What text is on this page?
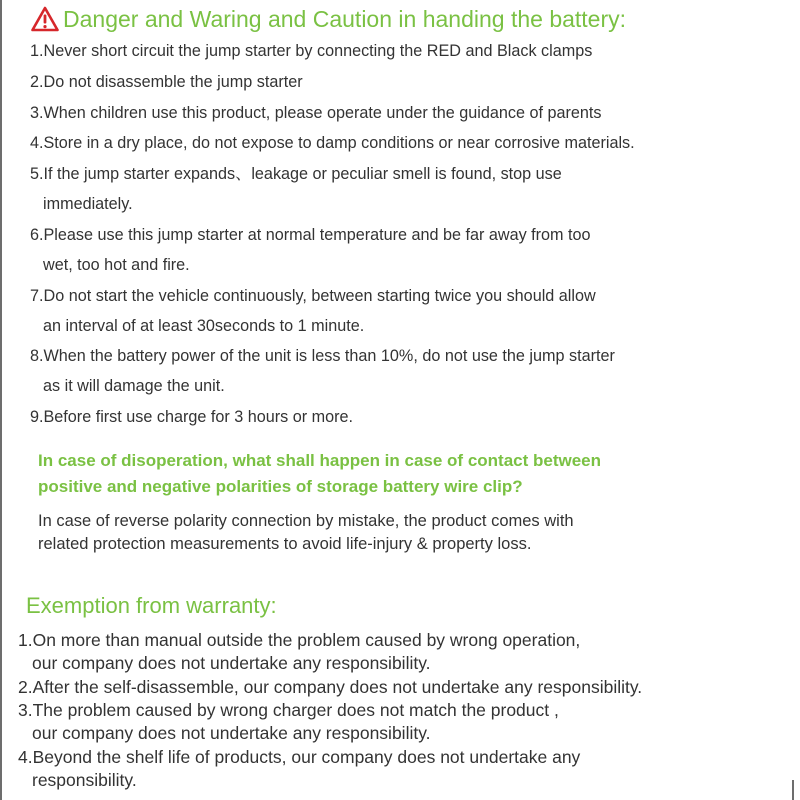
Danger and Waring and Caution in handing the battery:
1.Never short circuit the jump starter by connecting the RED and Black clamps
2.Do not disassemble the jump starter
3.When children use this product, please operate under the guidance of parents
4.Store in a dry place, do not expose to damp conditions or near corrosive materials.
5.If the jump starter expands、leakage or peculiar smell is found, stop use
immediately.
6.Please use this jump starter at normal temperature and be far away from too
wet, too hot and fire.
7.Do not start the vehicle continuously, between starting twice you should allow
an interval of at least 30seconds to 1 minute.
8.When the battery power of the unit is less than 10%, do not use the jump starter
as it will damage the unit.
9.Before first use charge for 3 hours or more.
In case of disoperation, what shall happen in case of contact between
positive and negative polarities of storage battery wire clip?
In case of reverse polarity connection by mistake, the product comes with
related protection measurements to avoid life-injury & property loss.
Exemption from warranty:
1.On more than manual outside the problem caused by wrong operation,
our company does not undertake any responsibility.
2.After the self-disassemble, our company does not undertake any responsibility.
3.The problem caused by wrong charger does not match the product ,
our company does not undertake any responsibility.
4.Beyond the shelf life of products, our company does not undertake any
responsibility.
